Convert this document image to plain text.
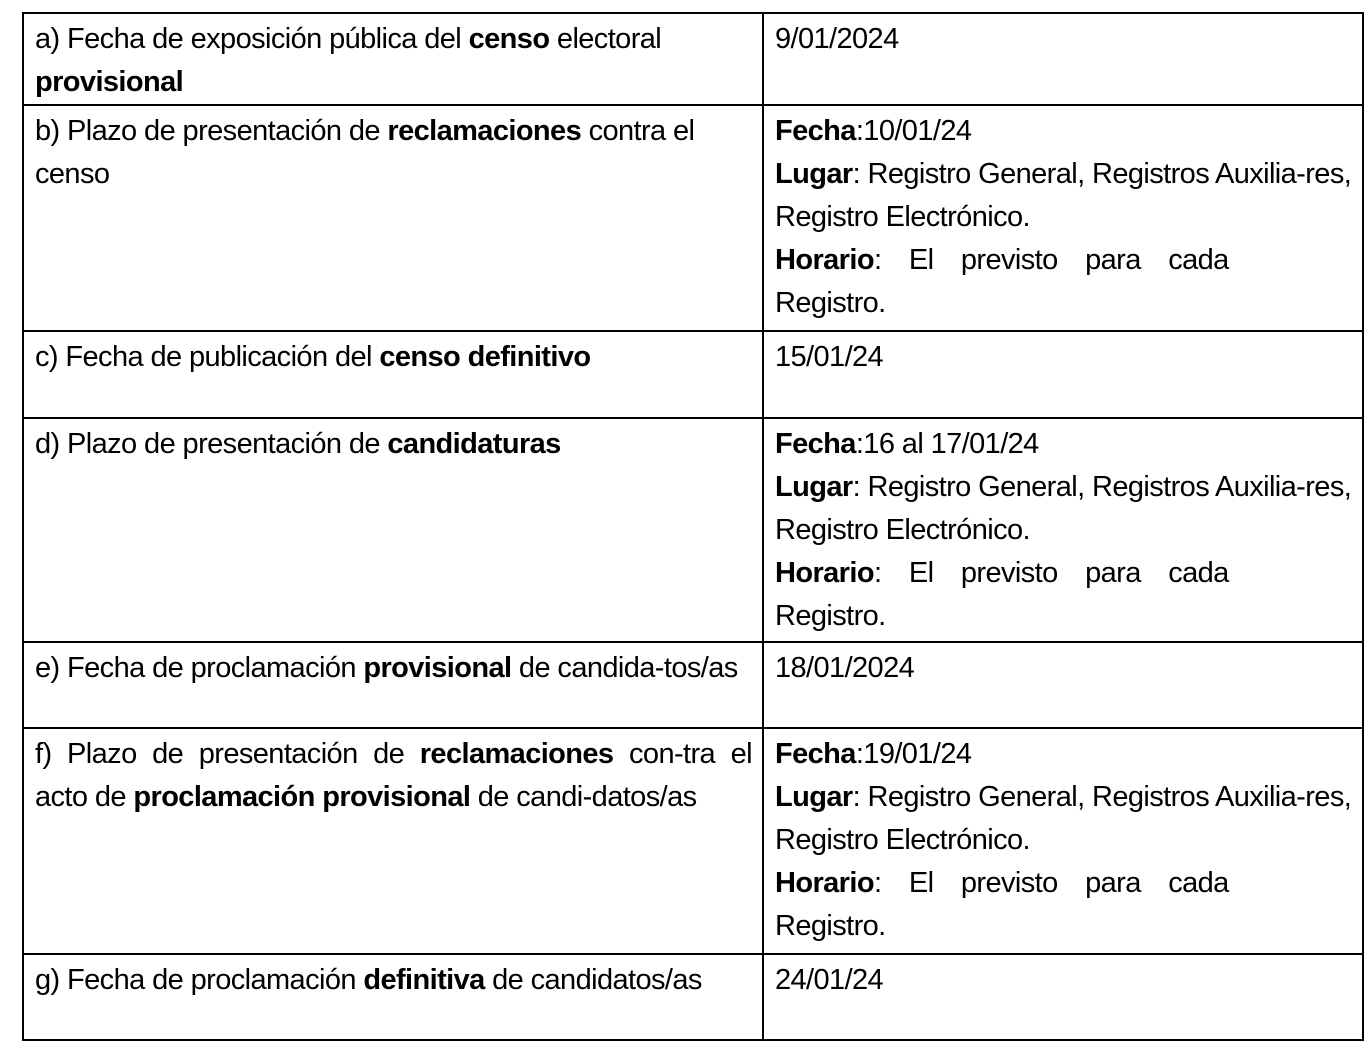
a) Fecha de exposición pública del censo electoral provisional	9/01/2024
b) Plazo de presentación de reclamaciones contra el censo	Fecha:10/01/24
Lugar: Registro General, Registros Auxilia-res, Registro Electrónico.
Horario: El previsto para cada Registro.

c) Fecha de publicación del censo definitivo	15/01/24
d) Plazo de presentación de candidaturas	Fecha:16 al 17/01/24
Lugar: Registro General, Registros Auxilia-res, Registro Electrónico.
Horario: El previsto para cada Registro.

e) Fecha de proclamación provisional de candida-tos/as	18/01/2024
f) Plazo de presentación de reclamaciones con-tra el acto de proclamación provisional de candi-datos/as	Fecha:19/01/24
Lugar: Registro General, Registros Auxilia-res, Registro Electrónico.
Horario: El previsto para cada Registro.

g) Fecha de proclamación definitiva de candidatos/as	24/01/24
